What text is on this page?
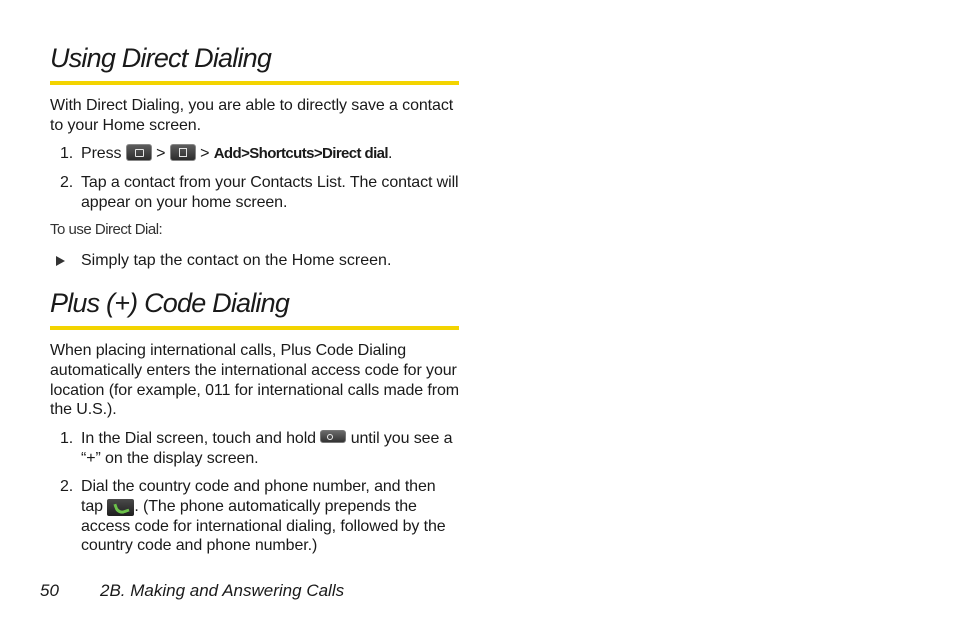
Using Direct Dialing
With Direct Dialing, you are able to directly save a contact to your Home screen.
1. Press > > Add>Shortcuts>Direct dial.
2. Tap a contact from your Contacts List. The contact will appear on your home screen.
To use Direct Dial:
Simply tap the contact on the Home screen.
Plus (+) Code Dialing
When placing international calls, Plus Code Dialing automatically enters the international access code for your location (for example, 011 for international calls made from the U.S.).
1. In the Dial screen, touch and hold until you see a “+” on the display screen.
2. Dial the country code and phone number, and then tap . (The phone automatically prepends the access code for international dialing, followed by the country code and phone number.)
50 2B. Making and Answering Calls
